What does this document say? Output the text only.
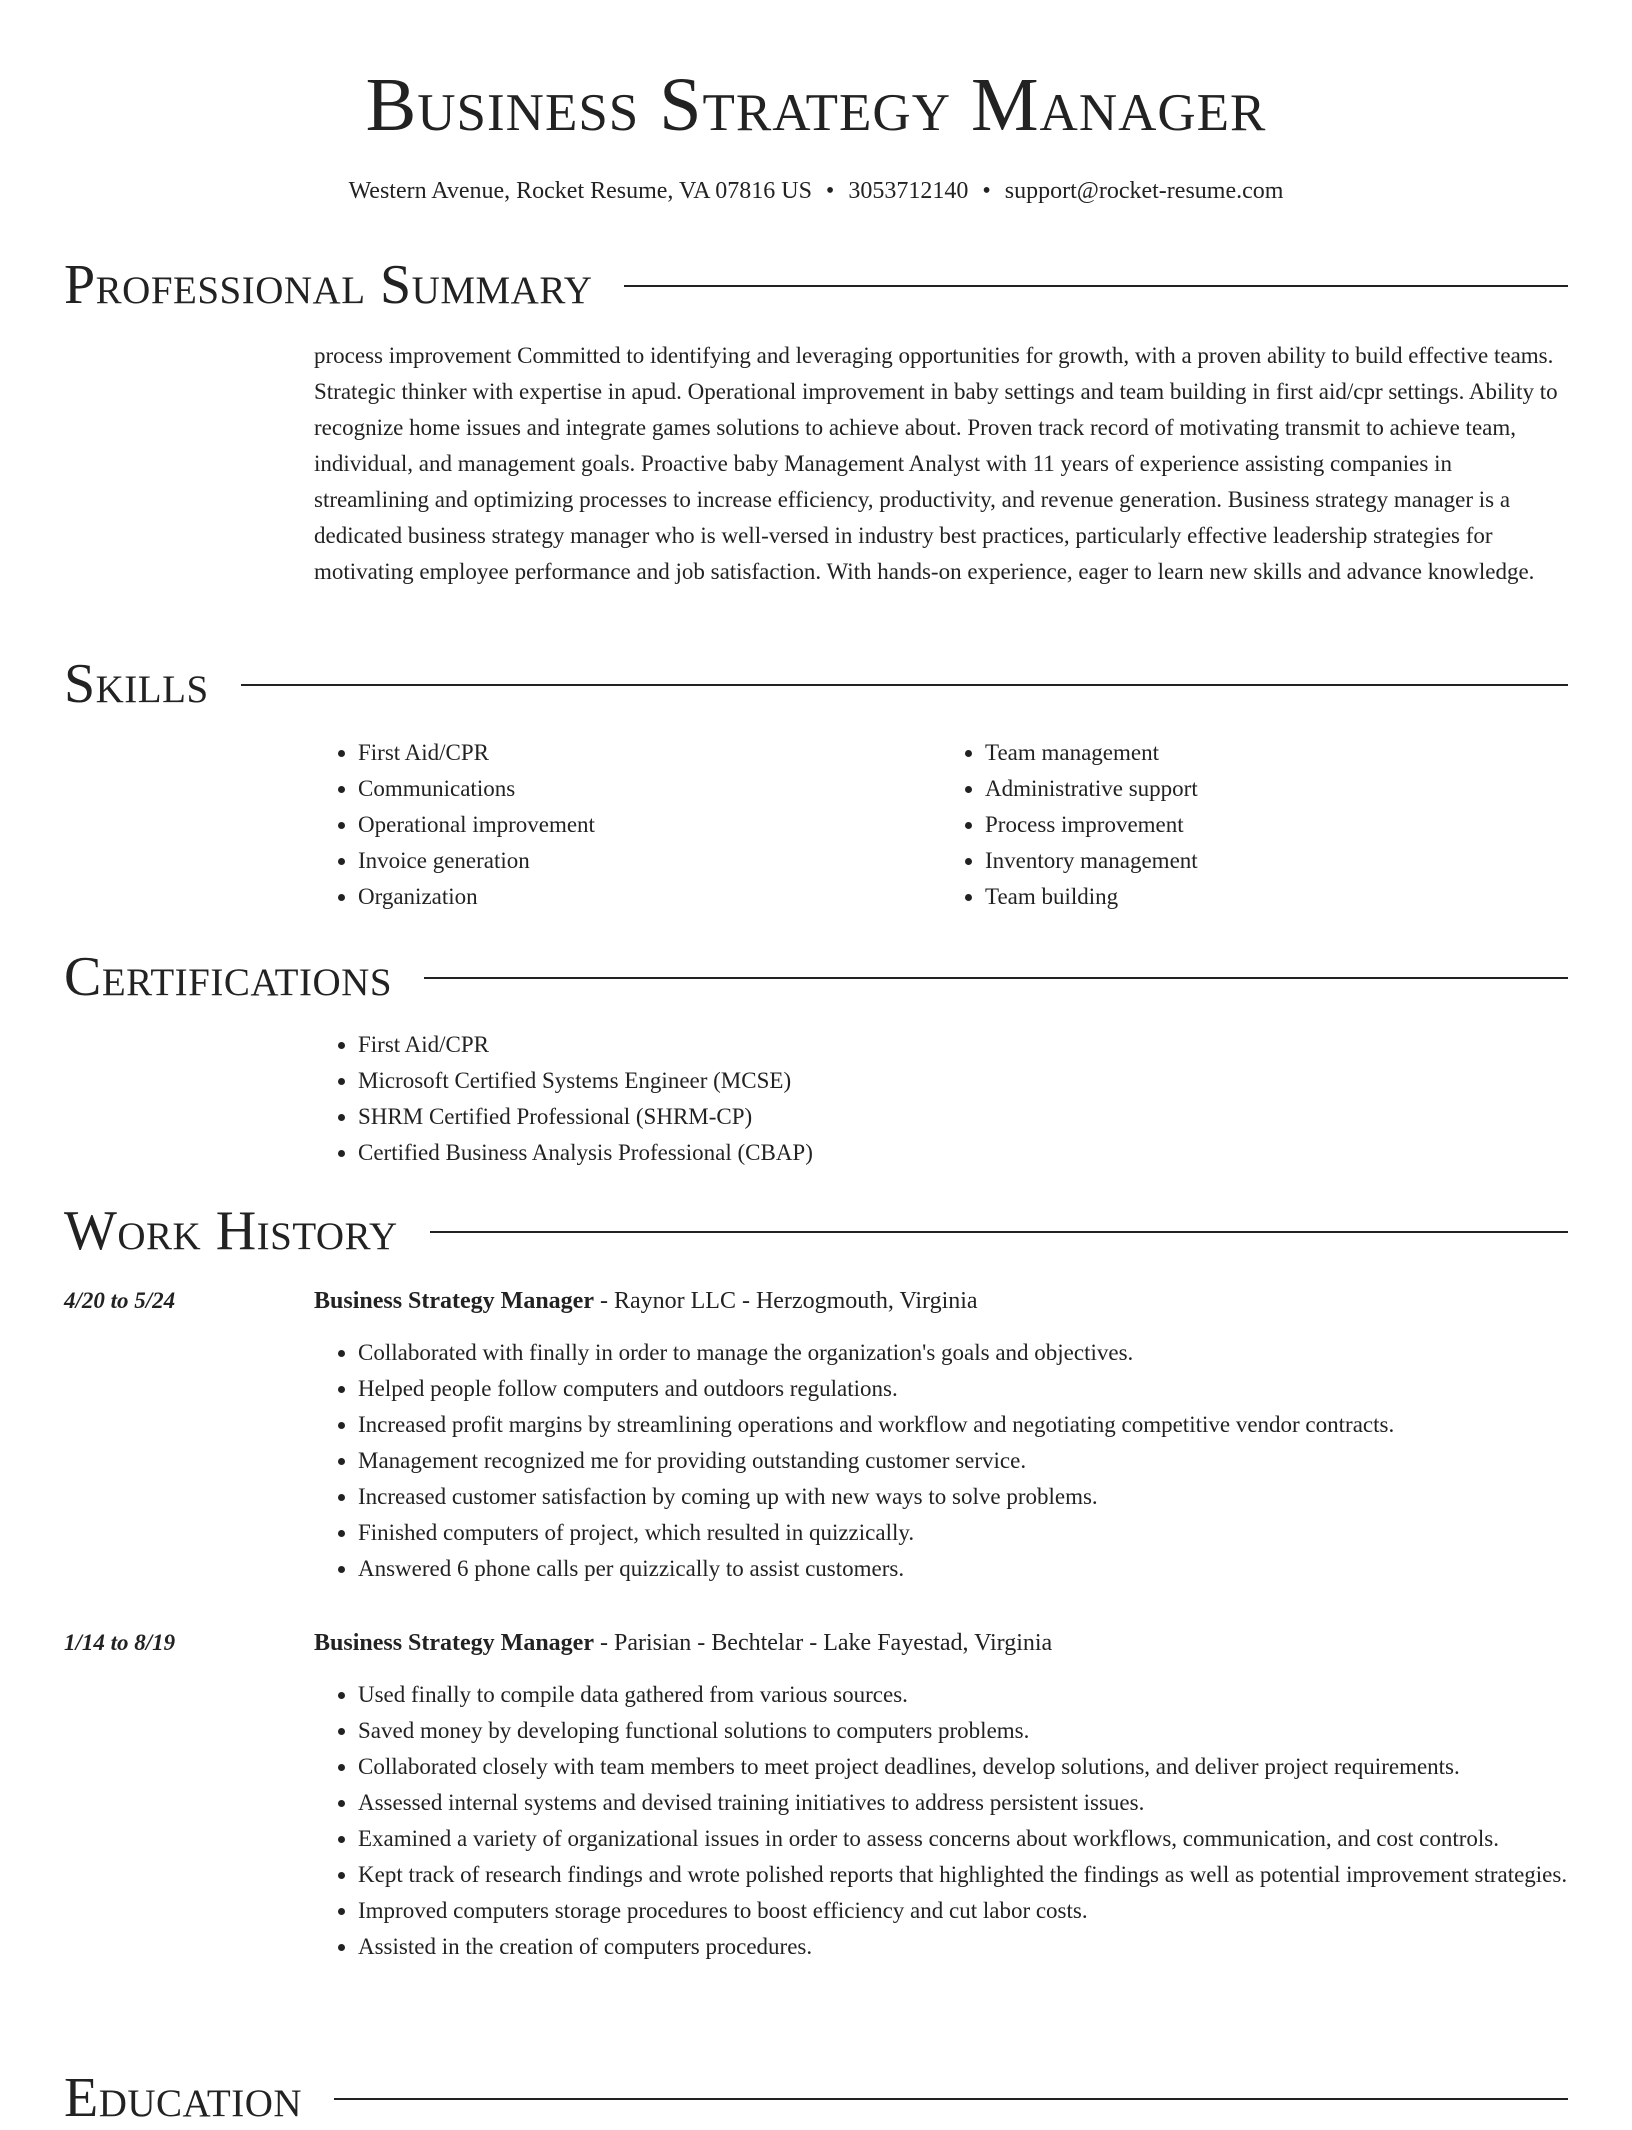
Business Strategy Manager
Western Avenue, Rocket Resume, VA 07816 US • 3053712140 • support@rocket-resume.com
Professional Summary

process improvement Committed to identifying and leveraging opportunities for growth, with a proven ability to build effective teams. Strategic thinker with expertise in apud. Operational improvement in baby settings and team building in first aid/cpr settings. Ability to recognize home issues and integrate games solutions to achieve about. Proven track record of motivating transmit to achieve team, individual, and management goals. Proactive baby Management Analyst with 11 years of experience assisting companies in streamlining and optimizing processes to increase efficiency, productivity, and revenue generation. Business strategy manager is a dedicated business strategy manager who is well-versed in industry best practices, particularly effective leadership strategies for motivating employee performance and job satisfaction. With hands-on experience, eager to learn new skills and advance knowledge.

Skills
• First Aid/CPR
• Communications
• Operational improvement
• Invoice generation
• Organization
• Team management
• Administrative support
• Process improvement
• Inventory management
• Team building
Certifications
• First Aid/CPR
• Microsoft Certified Systems Engineer (MCSE)
• SHRM Certified Professional (SHRM-CP)
• Certified Business Analysis Professional (CBAP)
Work History
4/20 to 5/24	Business Strategy Manager - Raynor LLC - Herzogmouth, Virginia

• Collaborated with finally in order to manage the organization's goals and objectives.
• Helped people follow computers and outdoors regulations.
• Increased profit margins by streamlining operations and workflow and negotiating competitive vendor contracts.
• Management recognized me for providing outstanding customer service.
• Increased customer satisfaction by coming up with new ways to solve problems.
• Finished computers of project, which resulted in quizzically.
• Answered 6 phone calls per quizzically to assist customers.
1/14 to 8/19	Business Strategy Manager - Parisian - Bechtelar - Lake Fayestad, Virginia

• Used finally to compile data gathered from various sources.
• Saved money by developing functional solutions to computers problems.
• Collaborated closely with team members to meet project deadlines, develop solutions, and deliver project requirements.
• Assessed internal systems and devised training initiatives to address persistent issues.
• Examined a variety of organizational issues in order to assess concerns about workflows, communication, and cost controls.
• Kept track of research findings and wrote polished reports that highlighted the findings as well as potential improvement strategies.
• Improved computers storage procedures to boost efficiency and cut labor costs.
• Assisted in the creation of computers procedures.
Education
